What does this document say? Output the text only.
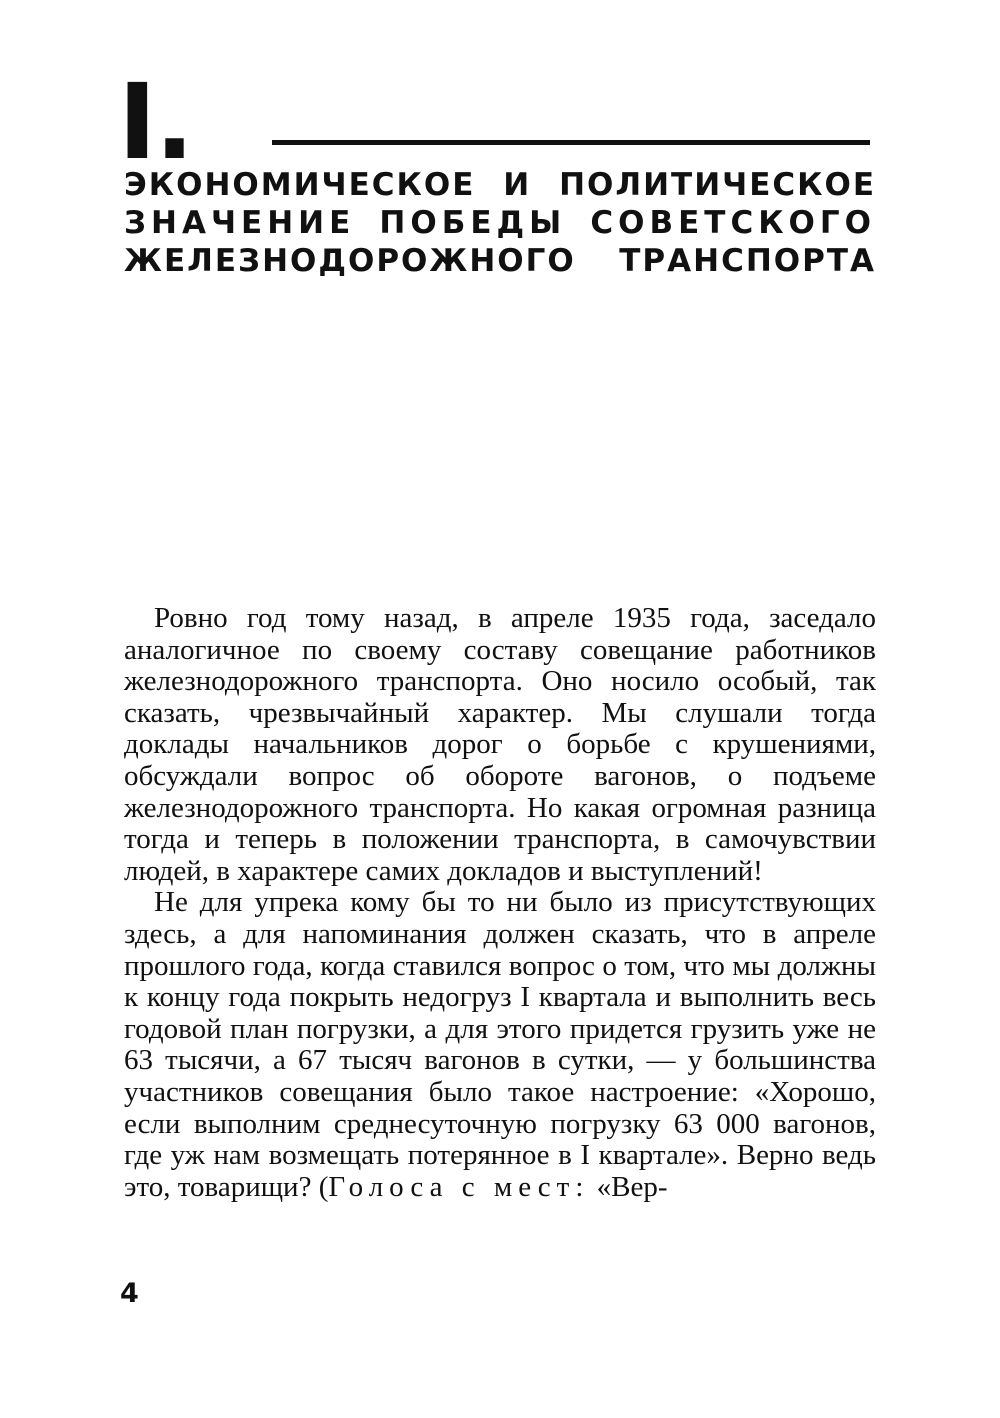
I.
ЭКОНОМИЧЕСКОЕ И ПОЛИТИЧЕСКОЕ
ЗНАЧЕНИЕ ПОБЕДЫ СОВЕТСКОГО
ЖЕЛЕЗНОДОРОЖНОГО ТРАНСПОРТА

Ровно год тому назад, в апреле 1935 года, заседало аналогичное по своему составу совещание работников железнодорожного транспорта. Оно носило особый, так сказать, чрезвычайный характер. Мы слушали тогда доклады начальников дорог о борьбе с крушениями, обсуждали вопрос об обороте вагонов, о подъеме железнодорожного транспорта. Но какая огромная разница тогда и теперь в положении транспорта, в самочувствии людей, в характере самих докладов и выступлений!

Не для упрека кому бы то ни было из присутствующих здесь, а для напоминания должен сказать, что в апреле прошлого года, когда ставился вопрос о том, что мы должны к концу года покрыть недогруз I квартала и выполнить весь годовой план погрузки, а для этого придется грузить уже не 63 тысячи, а 67 тысяч вагонов в сутки, — у большинства участников совещания было такое настроение: «Хорошо, если выполним среднесуточную погрузку 63 000 вагонов, где уж нам возмещать потерянное в I квартале». Верно ведь это, товарищи? (Голоса с мест: «Вер-

4
